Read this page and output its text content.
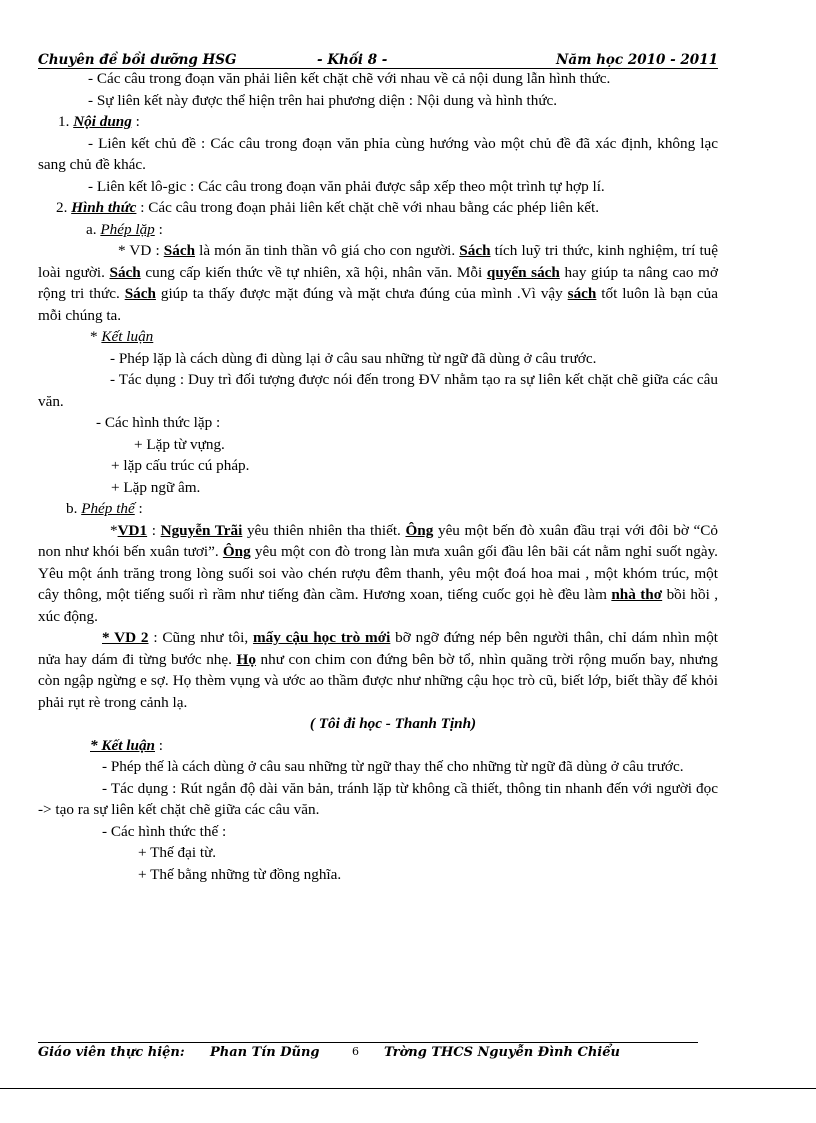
Chuyên đề bồi dưỡng HSG	- Khối 8 -	Năm học 2010 - 2011

- Các câu trong đoạn văn phải liên kết chặt chẽ với nhau về cả nội dung lẫn hình thức.

- Sự liên kết này được thể hiện trên hai phương diện : Nội dung và hình thức.

1. Nội dung :

- Liên kết chủ đề : Các câu trong đoạn văn phỉa cùng hướng vào một chủ đề đã xác định, không lạc sang chủ đề khác.

- Liên kết lô-gic : Các câu trong đoạn văn phải được sắp xếp theo một trình tự hợp lí.

2. Hình thức : Các câu trong đoạn phải liên kết chặt chẽ với nhau bằng các phép liên kết.

a. Phép lặp :

* VD : Sách là món ăn tinh thần vô giá cho con người. Sách tích luỹ tri thức, kinh nghiệm, trí tuệ loài người. Sách cung cấp kiến thức về tự nhiên, xã hội, nhân văn. Mỗi quyển sách hay giúp ta nâng cao mở rộng tri thức. Sách giúp ta thấy được mặt đúng và mặt chưa đúng của mình .Vì vậy sách tốt luôn là bạn của mỗi chúng ta.

* Kết luận

- Phép lặp là cách dùng đi dùng lại ở câu sau những từ ngữ đã dùng ở câu trước.

- Tác dụng : Duy trì đối tượng được nói đến trong ĐV nhằm tạo ra sự liên kết chặt chẽ giữa các câu văn.

- Các hình thức lặp :

+ Lặp từ vựng.

+ lặp cấu trúc cú pháp.

+ Lặp ngữ âm.

b. Phép thế :

*VD1 : Nguyễn Trãi yêu thiên nhiên tha thiết. Ông yêu một bến đò xuân đầu trại với đôi bờ “Cỏ non như khói bến xuân tươi”. Ông yêu một con đò trong làn mưa xuân gối đầu lên bãi cát nằm nghỉ suốt ngày. Yêu một ánh trăng trong lòng suối soi vào chén rượu đêm thanh, yêu một đoá hoa mai , một khóm trúc, một cây thông, một tiếng suối rì rầm như tiếng đàn cầm. Hương xoan, tiếng cuốc gọi hè đều làm nhà thơ bồi hồi , xúc động.

* VD 2 : Cũng như tôi, mấy cậu học trò mới bỡ ngỡ đứng nép bên người thân, chỉ dám nhìn một nửa hay dám đi từng bước nhẹ. Họ như con chim con đứng bên bờ tổ, nhìn quãng trời rộng muốn bay, nhưng còn ngập ngừng e sợ. Họ thèm vụng và ước ao thầm được như những cậu học trò cũ, biết lớp, biết thầy để khỏi phải rụt rè trong cảnh lạ.

( Tôi đi học - Thanh Tịnh)

* Kết luận :

- Phép thế là cách dùng ở câu sau những từ ngữ thay thế cho những từ ngữ đã dùng ở câu trước.

- Tác dụng : Rút ngắn độ dài văn bản, tránh lặp từ không cầ thiết, thông tin nhanh đến với người đọc -> tạo ra sự liên kết chặt chẽ giữa các câu văn.

- Các hình thức thế :

+ Thế đại từ.

+ Thế bằng những từ đồng nghĩa.

Giáo viên thực hiện:	Phan Tín Dũng	6	Trờng THCS Nguyễn Đình Chiểu
